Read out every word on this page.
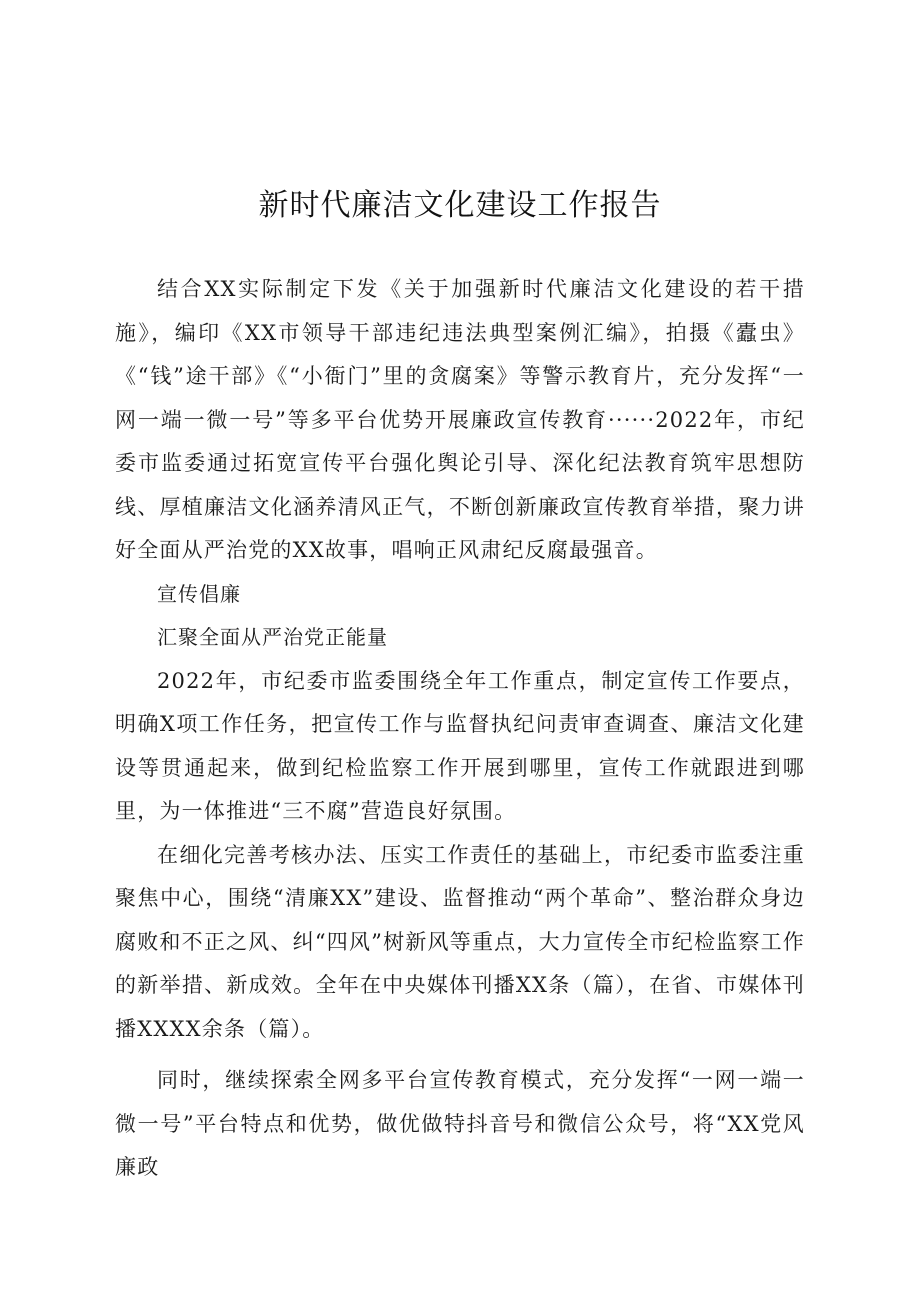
新时代廉洁文化建设工作报告

结合XX实际制定下发《关于加强新时代廉洁文化建设的若干措施》，编印《XX市领导干部违纪违法典型案例汇编》，拍摄《蠹虫》《“钱”途干部》《“小衙门”里的贪腐案》等警示教育片，充分发挥“一网一端一微一号”等多平台优势开展廉政宣传教育······2022年，市纪委市监委通过拓宽宣传平台强化舆论引导、深化纪法教育筑牢思想防线、厚植廉洁文化涵养清风正气，不断创新廉政宣传教育举措，聚力讲好全面从严治党的XX故事，唱响正风肃纪反腐最强音。

宣传倡廉

汇聚全面从严治党正能量

2022年，市纪委市监委围绕全年工作重点，制定宣传工作要点，明确X项工作任务，把宣传工作与监督执纪问责审查调查、廉洁文化建设等贯通起来，做到纪检监察工作开展到哪里，宣传工作就跟进到哪里，为一体推进“三不腐”营造良好氛围。

在细化完善考核办法、压实工作责任的基础上，市纪委市监委注重聚焦中心，围绕“清廉XX”建设、监督推动“两个革命”、整治群众身边腐败和不正之风、纠“四风”树新风等重点，大力宣传全市纪检监察工作的新举措、新成效。全年在中央媒体刊播XX条（篇），在省、市媒体刊播XXXX余条（篇）。

同时，继续探索全网多平台宣传教育模式，充分发挥“一网一端一微一号”平台特点和优势，做优做特抖音号和微信公众号，将“XX党风廉政
